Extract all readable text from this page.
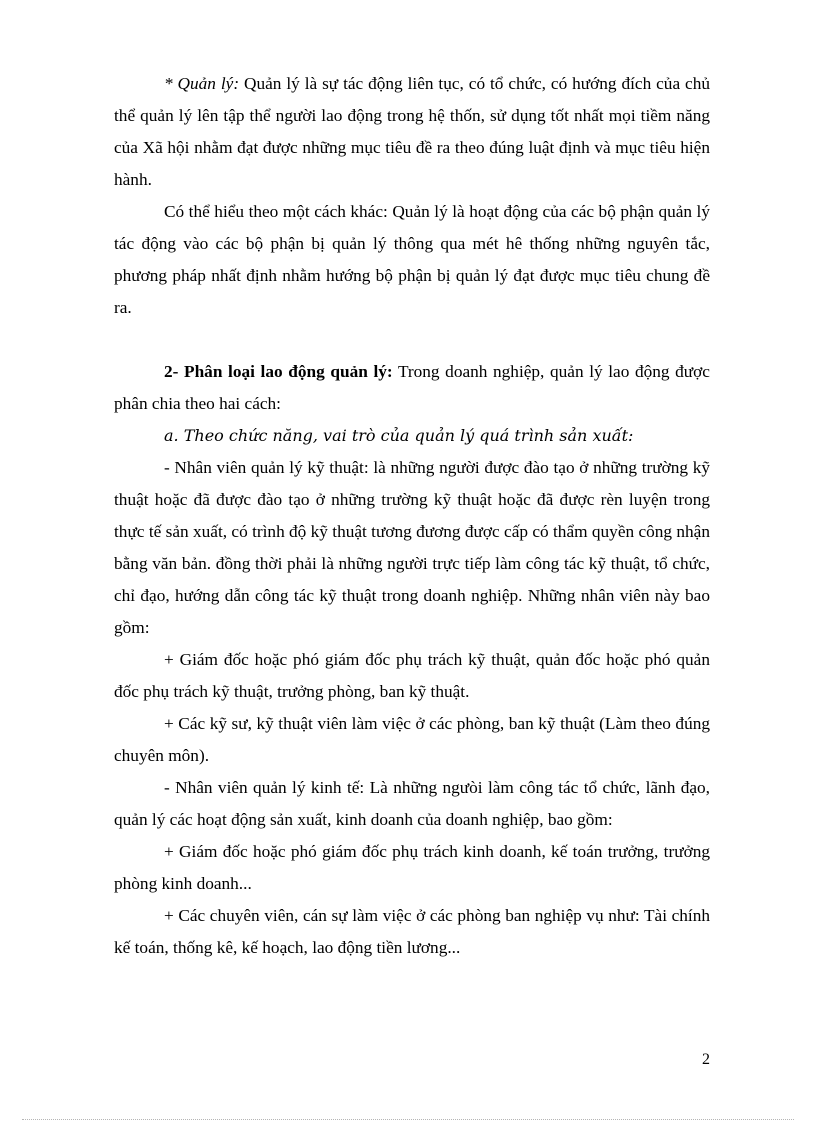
* Quản lý: Quản lý là sự tác động liên tục, có tổ chức, có hướng đích của chủ thể quản lý lên tập thể người lao động trong hệ thốn, sử dụng tốt nhất mọi tiềm năng của Xã hội nhằm đạt được những mục tiêu đề ra theo đúng luật định và mục tiêu hiện hành.

Có thể hiểu theo một cách khác: Quản lý là hoạt động của các bộ phận quản lý tác động vào các bộ phận bị quản lý thông qua mét hê thống những nguyên tắc, phương pháp nhất định nhằm hướng bộ phận bị quản lý đạt được mục tiêu chung đề ra.

2- Phân loại lao động quản lý: Trong doanh nghiệp, quản lý lao động được phân chia theo hai cách:

a. Theo chức năng, vai trò của quản lý quá trình sản xuất:

- Nhân viên quản lý kỹ thuật: là những người được đào tạo ở những trường kỹ thuật hoặc đã được đào tạo ở những trường kỹ thuật hoặc đã được rèn luyện trong thực tế sản xuất, có trình độ kỹ thuật tương đương được cấp có thẩm quyền công nhận bằng văn bản. đồng thời phải là những người trực tiếp làm công tác kỹ thuật, tổ chức, chỉ đạo, hướng dẫn công tác kỹ thuật trong doanh nghiệp. Những nhân viên này bao gồm:

+ Giám đốc hoặc phó giám đốc phụ trách kỹ thuật, quản đốc hoặc phó quản đốc phụ trách kỹ thuật, trưởng phòng, ban kỹ thuật.

+ Các kỹ sư, kỹ thuật viên làm việc ở các phòng, ban kỹ thuật (Làm theo đúng chuyên môn).

- Nhân viên quản lý kinh tế: Là những ngưòi làm công tác tổ chức, lãnh đạo, quản lý các hoạt động sản xuất, kinh doanh của doanh nghiệp, bao gồm:

+ Giám đốc hoặc phó giám đốc phụ trách kinh doanh, kế toán trưởng, trưởng phòng kinh doanh...

+ Các chuyên viên, cán sự làm việc ở các phòng ban nghiệp vụ như: Tài chính kế toán, thống kê, kế hoạch, lao động tiền lương...

2
